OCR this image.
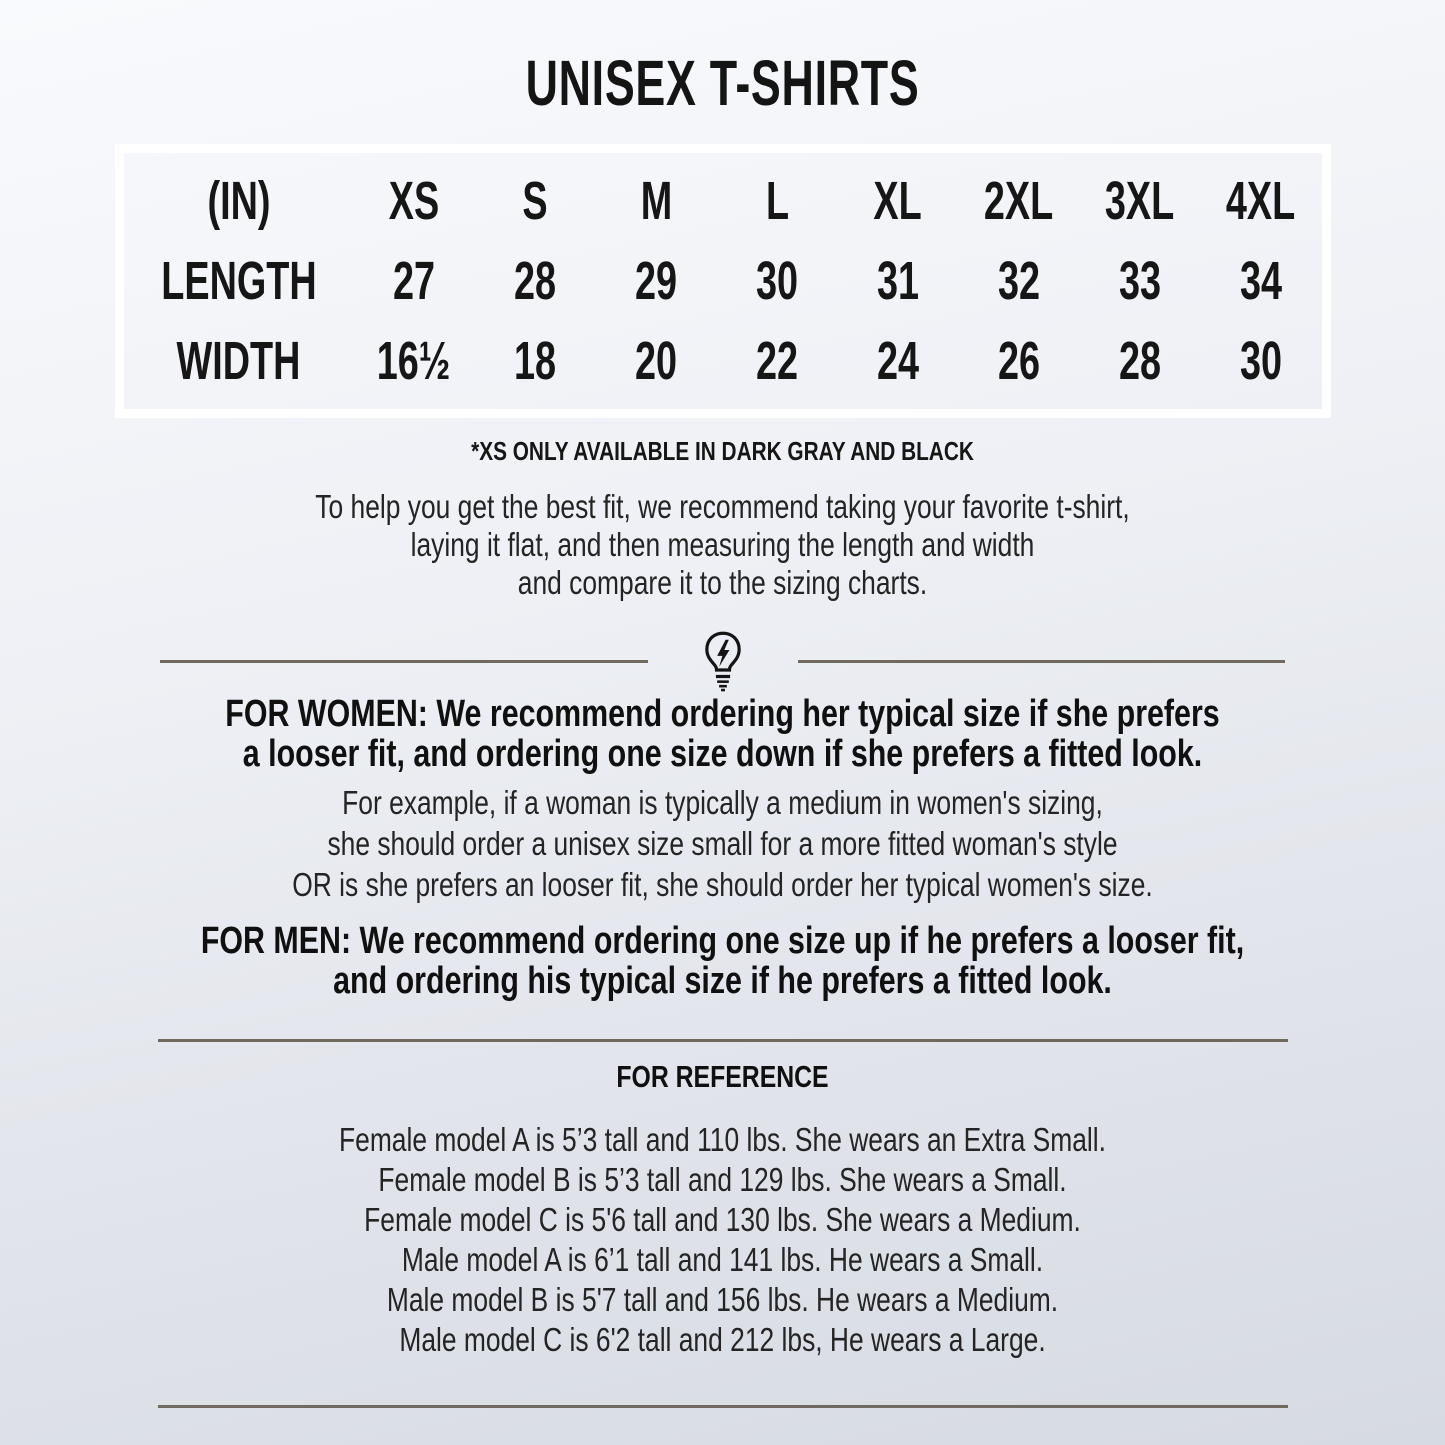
UNISEX T-SHIRTS
(IN) XS S M L XL 2XL 3XL 4XL
LENGTH 27 28 29 30 31 32 33 34
WIDTH 16½ 18 20 22 24 26 28 30
*XS ONLY AVAILABLE IN DARK GRAY AND BLACK
To help you get the best fit, we recommend taking your favorite t-shirt,
laying it flat, and then measuring the length and width
and compare it to the sizing charts.
FOR WOMEN: We recommend ordering her typical size if she prefers
a looser fit, and ordering one size down if she prefers a fitted look.
For example, if a woman is typically a medium in women's sizing,
she should order a unisex size small for a more fitted woman's style
OR is she prefers an looser fit, she should order her typical women's size.
FOR MEN: We recommend ordering one size up if he prefers a looser fit,
and ordering his typical size if he prefers a fitted look.
FOR REFERENCE
Female model A is 5’3 tall and 110 lbs. She wears an Extra Small.
Female model B is 5’3 tall and 129 lbs. She wears a Small.
Female model C is 5'6 tall and 130 lbs. She wears a Medium.
Male model A is 6’1 tall and 141 lbs. He wears a Small.
Male model B is 5'7 tall and 156 lbs. He wears a Medium.
Male model C is 6'2 tall and 212 lbs, He wears a Large.
